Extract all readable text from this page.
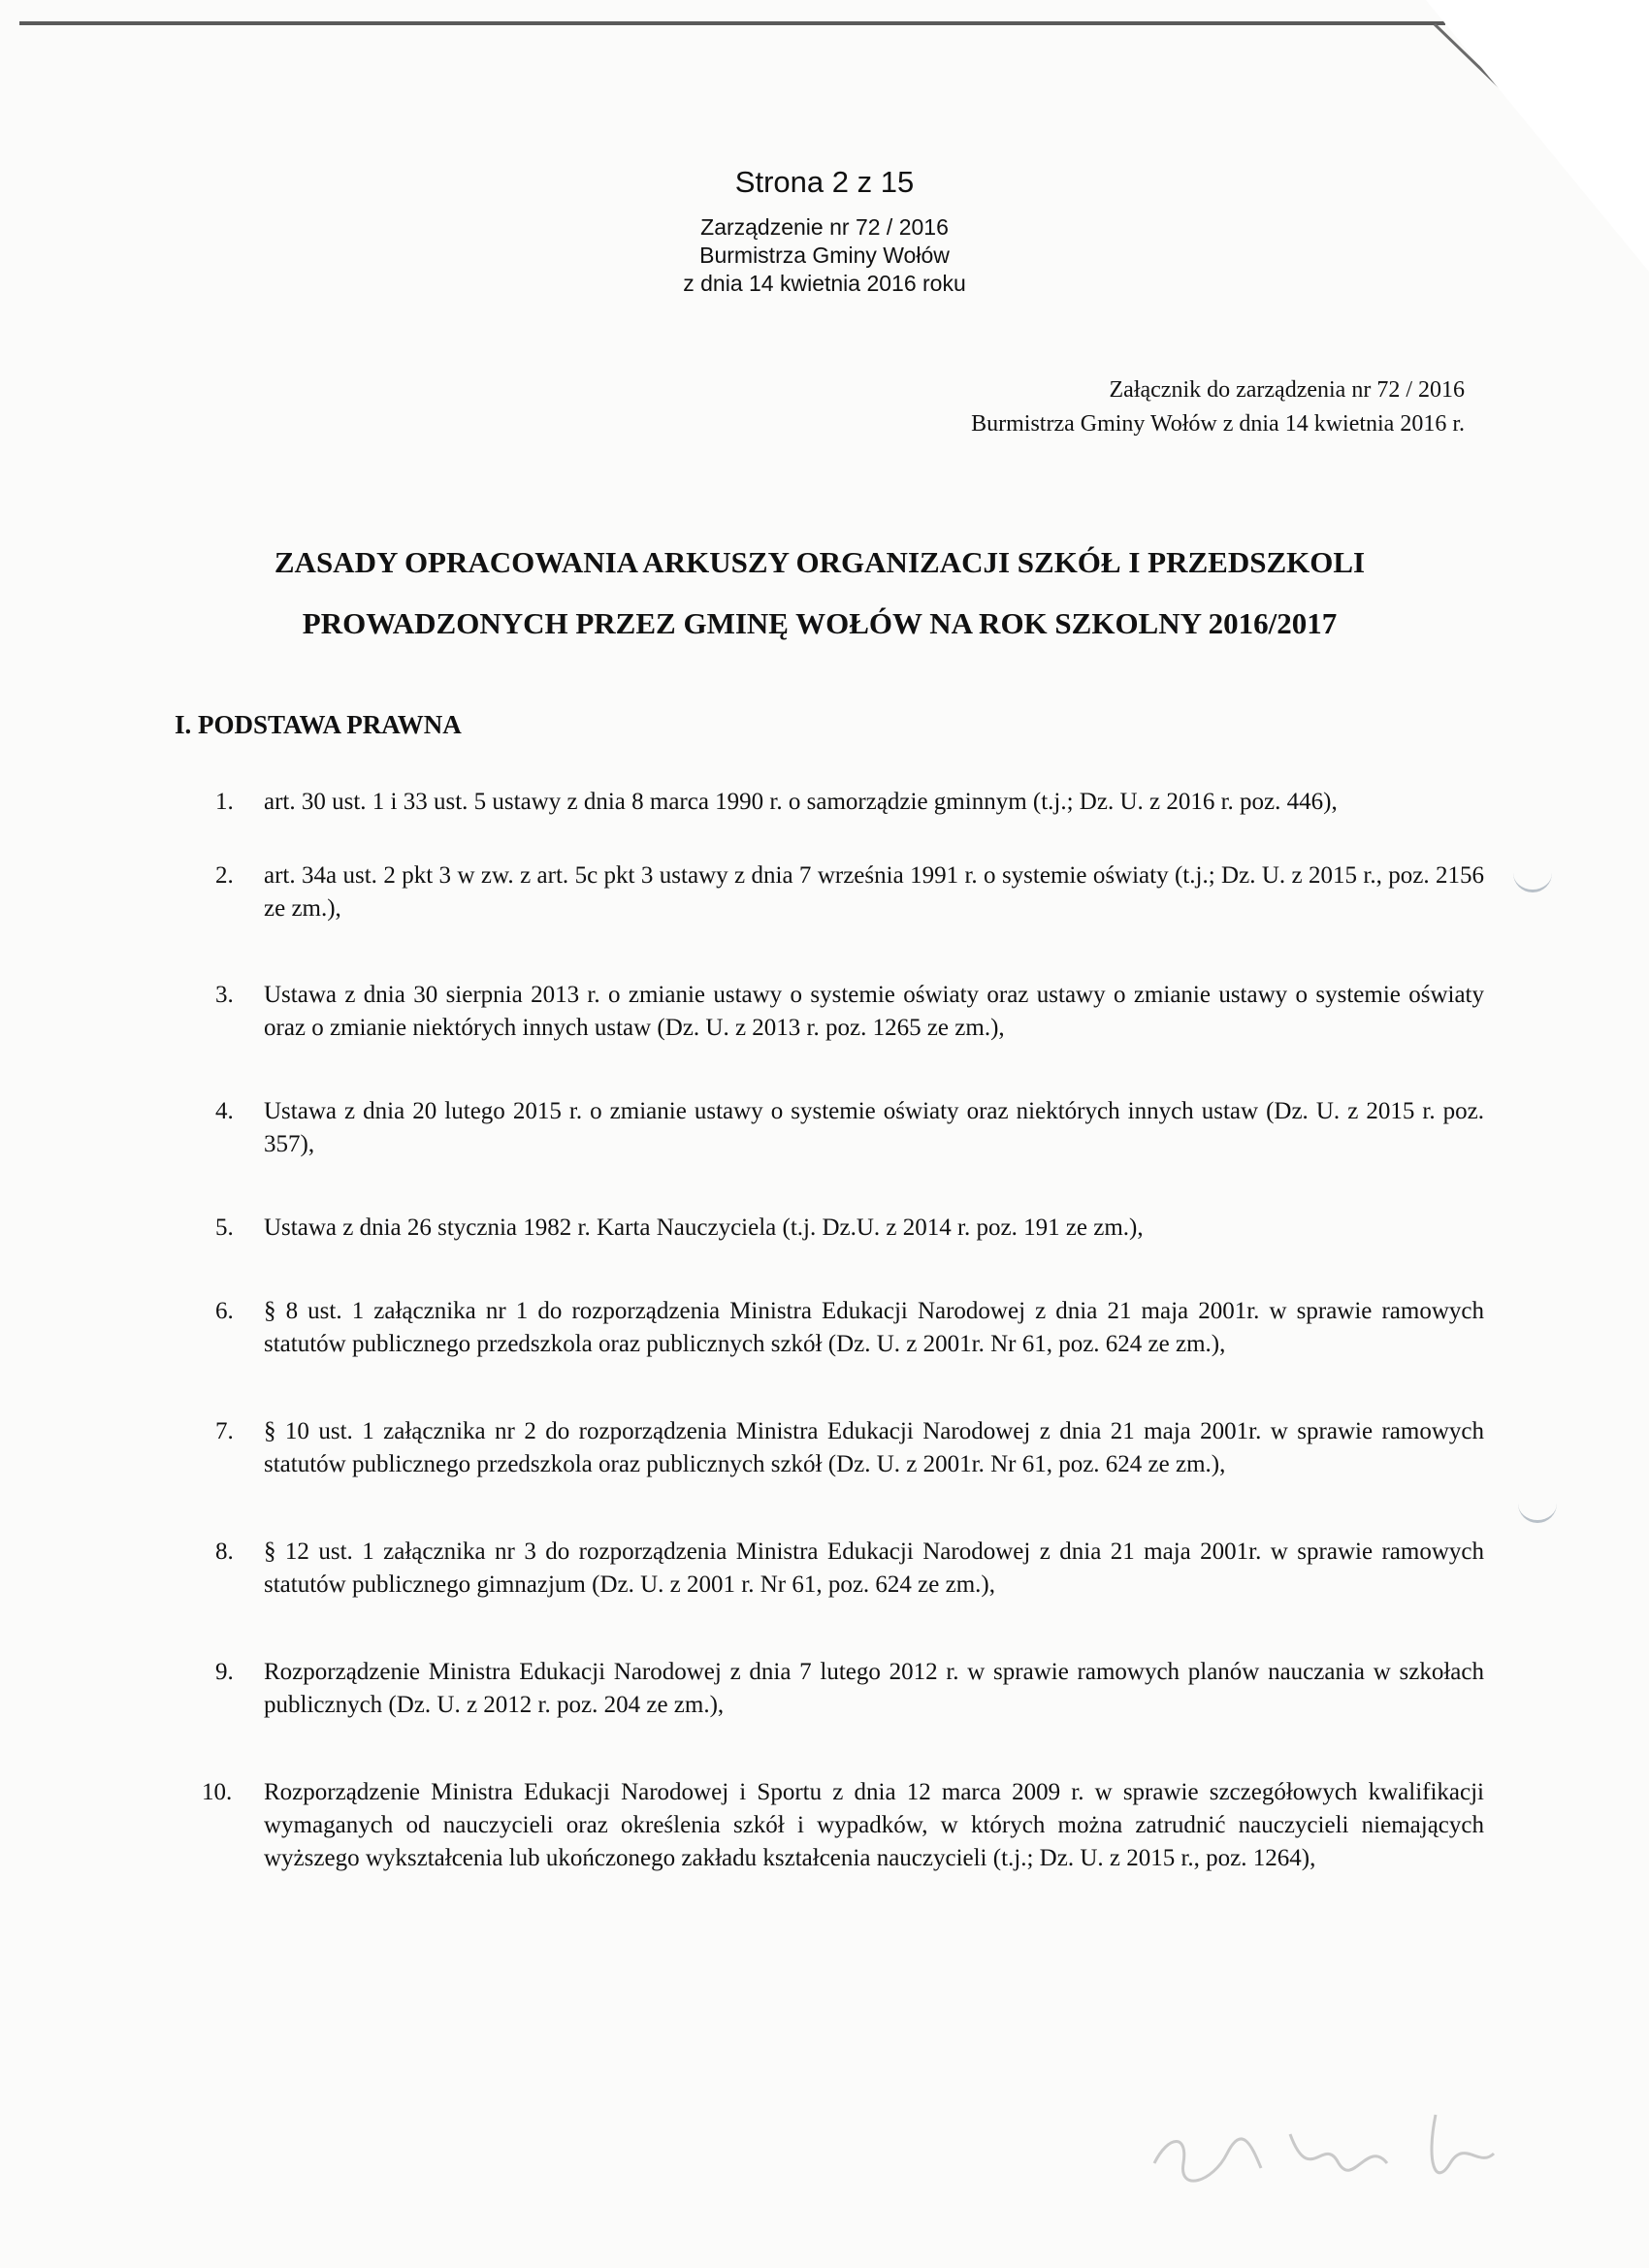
Strona 2 z 15
Zarządzenie nr 72 / 2016
Burmistrza Gminy Wołów
z dnia 14 kwietnia 2016 roku
Załącznik do zarządzenia nr 72 / 2016
Burmistrza Gminy Wołów z dnia 14 kwietnia 2016 r.
ZASADY OPRACOWANIA ARKUSZY ORGANIZACJI SZKÓŁ I PRZEDSZKOLI
PROWADZONYCH PRZEZ GMINĘ WOŁÓW NA ROK SZKOLNY 2016/2017
I. PODSTAWA PRAWNA
1. art. 30 ust. 1 i 33 ust. 5 ustawy z dnia 8 marca 1990 r. o samorządzie gminnym (t.j.; Dz. U. z 2016 r. poz. 446),
2. art. 34a ust. 2 pkt 3 w zw. z art. 5c pkt 3 ustawy z dnia 7 września 1991 r. o systemie oświaty (t.j.; Dz. U. z 2015 r., poz. 2156 ze zm.),
3. Ustawa z dnia 30 sierpnia 2013 r. o zmianie ustawy o systemie oświaty oraz ustawy o zmianie ustawy o systemie oświaty oraz o zmianie niektórych innych ustaw (Dz. U. z 2013 r. poz. 1265 ze zm.),
4. Ustawa z dnia 20 lutego 2015 r. o zmianie ustawy o systemie oświaty oraz niektórych innych ustaw (Dz. U. z 2015 r. poz. 357),
5. Ustawa z dnia 26 stycznia 1982 r. Karta Nauczyciela (t.j. Dz.U. z 2014 r. poz. 191 ze zm.),
6. § 8 ust. 1 załącznika nr 1 do rozporządzenia Ministra Edukacji Narodowej z dnia 21 maja 2001r. w sprawie ramowych statutów publicznego przedszkola oraz publicznych szkół (Dz. U. z 2001r. Nr 61, poz. 624 ze zm.),
7. § 10 ust. 1 załącznika nr 2 do rozporządzenia Ministra Edukacji Narodowej z dnia 21 maja 2001r. w sprawie ramowych statutów publicznego przedszkola oraz publicznych szkół (Dz. U. z 2001r. Nr 61, poz. 624 ze zm.),
8. § 12 ust. 1 załącznika nr 3 do rozporządzenia Ministra Edukacji Narodowej z dnia 21 maja 2001r. w sprawie ramowych statutów publicznego gimnazjum (Dz. U. z 2001 r. Nr 61, poz. 624 ze zm.),
9. Rozporządzenie Ministra Edukacji Narodowej z dnia 7 lutego 2012 r. w sprawie ramowych planów nauczania w szkołach publicznych (Dz. U. z 2012 r. poz. 204 ze zm.),
10. Rozporządzenie Ministra Edukacji Narodowej i Sportu z dnia 12 marca 2009 r. w sprawie szczegółowych kwalifikacji wymaganych od nauczycieli oraz określenia szkół i wypadków, w których można zatrudnić nauczycieli niemających wyższego wykształcenia lub ukończonego zakładu kształcenia nauczycieli (t.j.; Dz. U. z 2015 r., poz. 1264),
